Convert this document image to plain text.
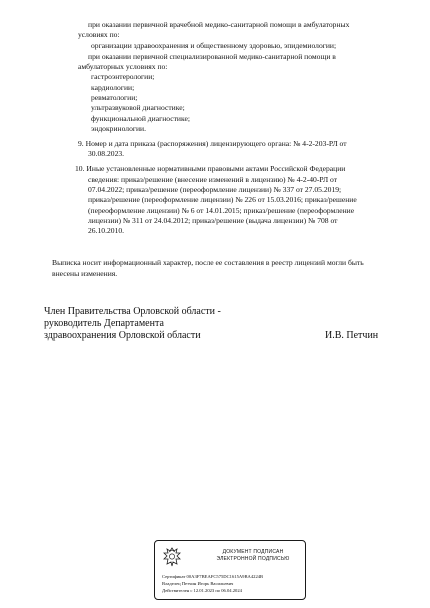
при оказании первичной врачебной медико-санитарной помощи в амбулаторных
условиях по:
организации здравоохранения и общественному здоровью, эпидемиологии;
при оказании первичной специализированной медико-санитарной помощи в
амбулаторных условиях по:
гастроэнтерологии;
кардиологии;
ревматологии;
ультразвуковой диагностике;
функциональной диагностике;
эндокринологии.
9. Номер и дата приказа (распоряжения) лицензирующего органа: № 4-2-203-РЛ от
30.08.2023.
10. Иные установленные нормативными правовыми актами Российской Федерации
сведения: приказ/решение (внесение изменений в лицензию) № 4-2-40-РЛ от
07.04.2022; приказ/решение (переоформление лицензии) № 337 от 27.05.2019;
приказ/решение (переоформление лицензии) № 226 от 15.03.2016; приказ/решение
(переоформление лицензии) № 6 от 14.01.2015; приказ/решение (переоформление
лицензии) № 311 от 24.04.2012; приказ/решение (выдача лицензии) № 708 от
26.10.2010.
Выписка носит информационный характер, после ее составления в реестр лицензий могли быть
внесены изменения.
Член Правительства Орловской области -
руководитель Департамента
здравоохранения Орловской области	И.В. Петчин
ДОКУМЕНТ ПОДПИСАН
ЭЛЕКТРОННОЙ ПОДПИСЬЮ
Сертификат 00A3F7BEAFC575DC1615A9BA4224B
Владелец Петчин Игорь Васильевич
Действителен с 12.01.2023 по 06.04.2024
